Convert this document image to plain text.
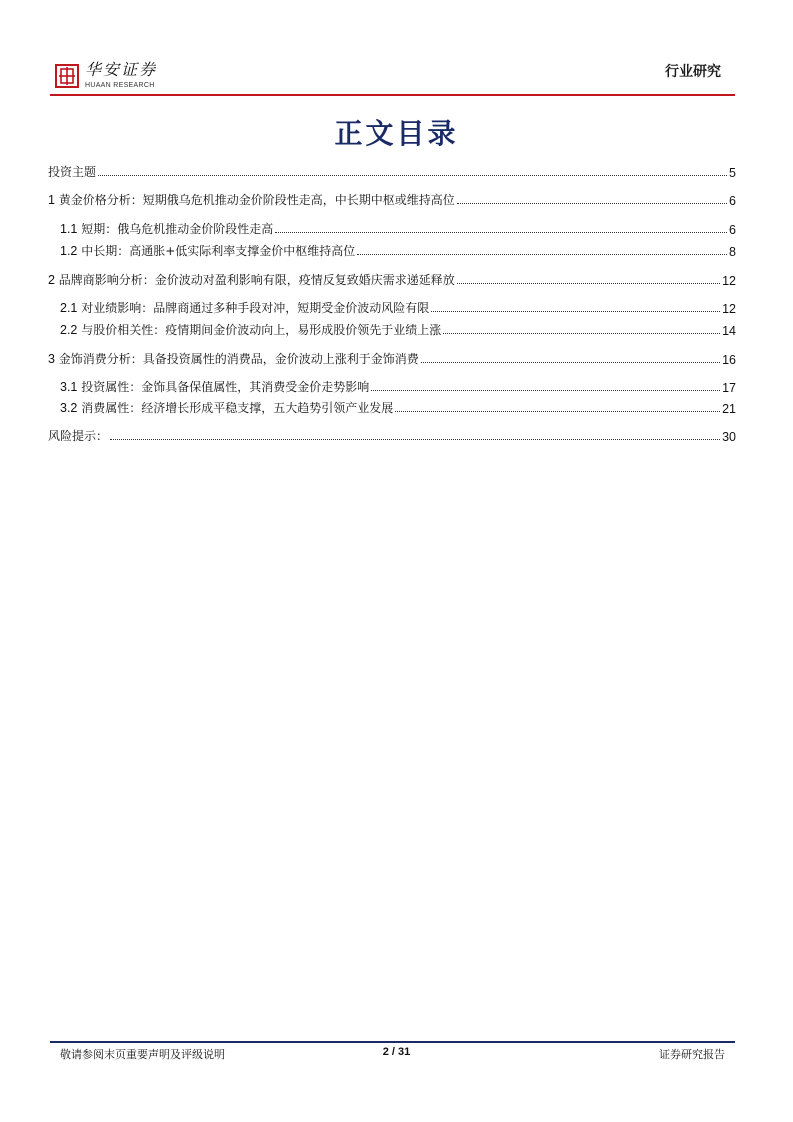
华安证券
HUAAN RESEARCH
行业研究
正文目录
投资主题	5
1 黄金价格分析：短期俄乌危机推动金价阶段性走高，中长期中枢或维持高位	6
1.1 短期：俄乌危机推动金价阶段性走高	6
1.2 中长期：高通胀+低实际利率支撑金价中枢维持高位	8
2 品牌商影响分析：金价波动对盈利影响有限，疫情反复致婚庆需求递延释放	12
2.1 对业绩影响：品牌商通过多种手段对冲，短期受金价波动风险有限	12
2.2 与股价相关性：疫情期间金价波动向上，易形成股价领先于业绩上涨	14
3 金饰消费分析：具备投资属性的消费品，金价波动上涨利于金饰消费	16
3.1 投资属性：金饰具备保值属性，其消费受金价走势影响	17
3.2 消费属性：经济增长形成平稳支撑，五大趋势引领产业发展	21
风险提示：	30
敬请参阅末页重要声明及评级说明	2 / 31	证券研究报告
